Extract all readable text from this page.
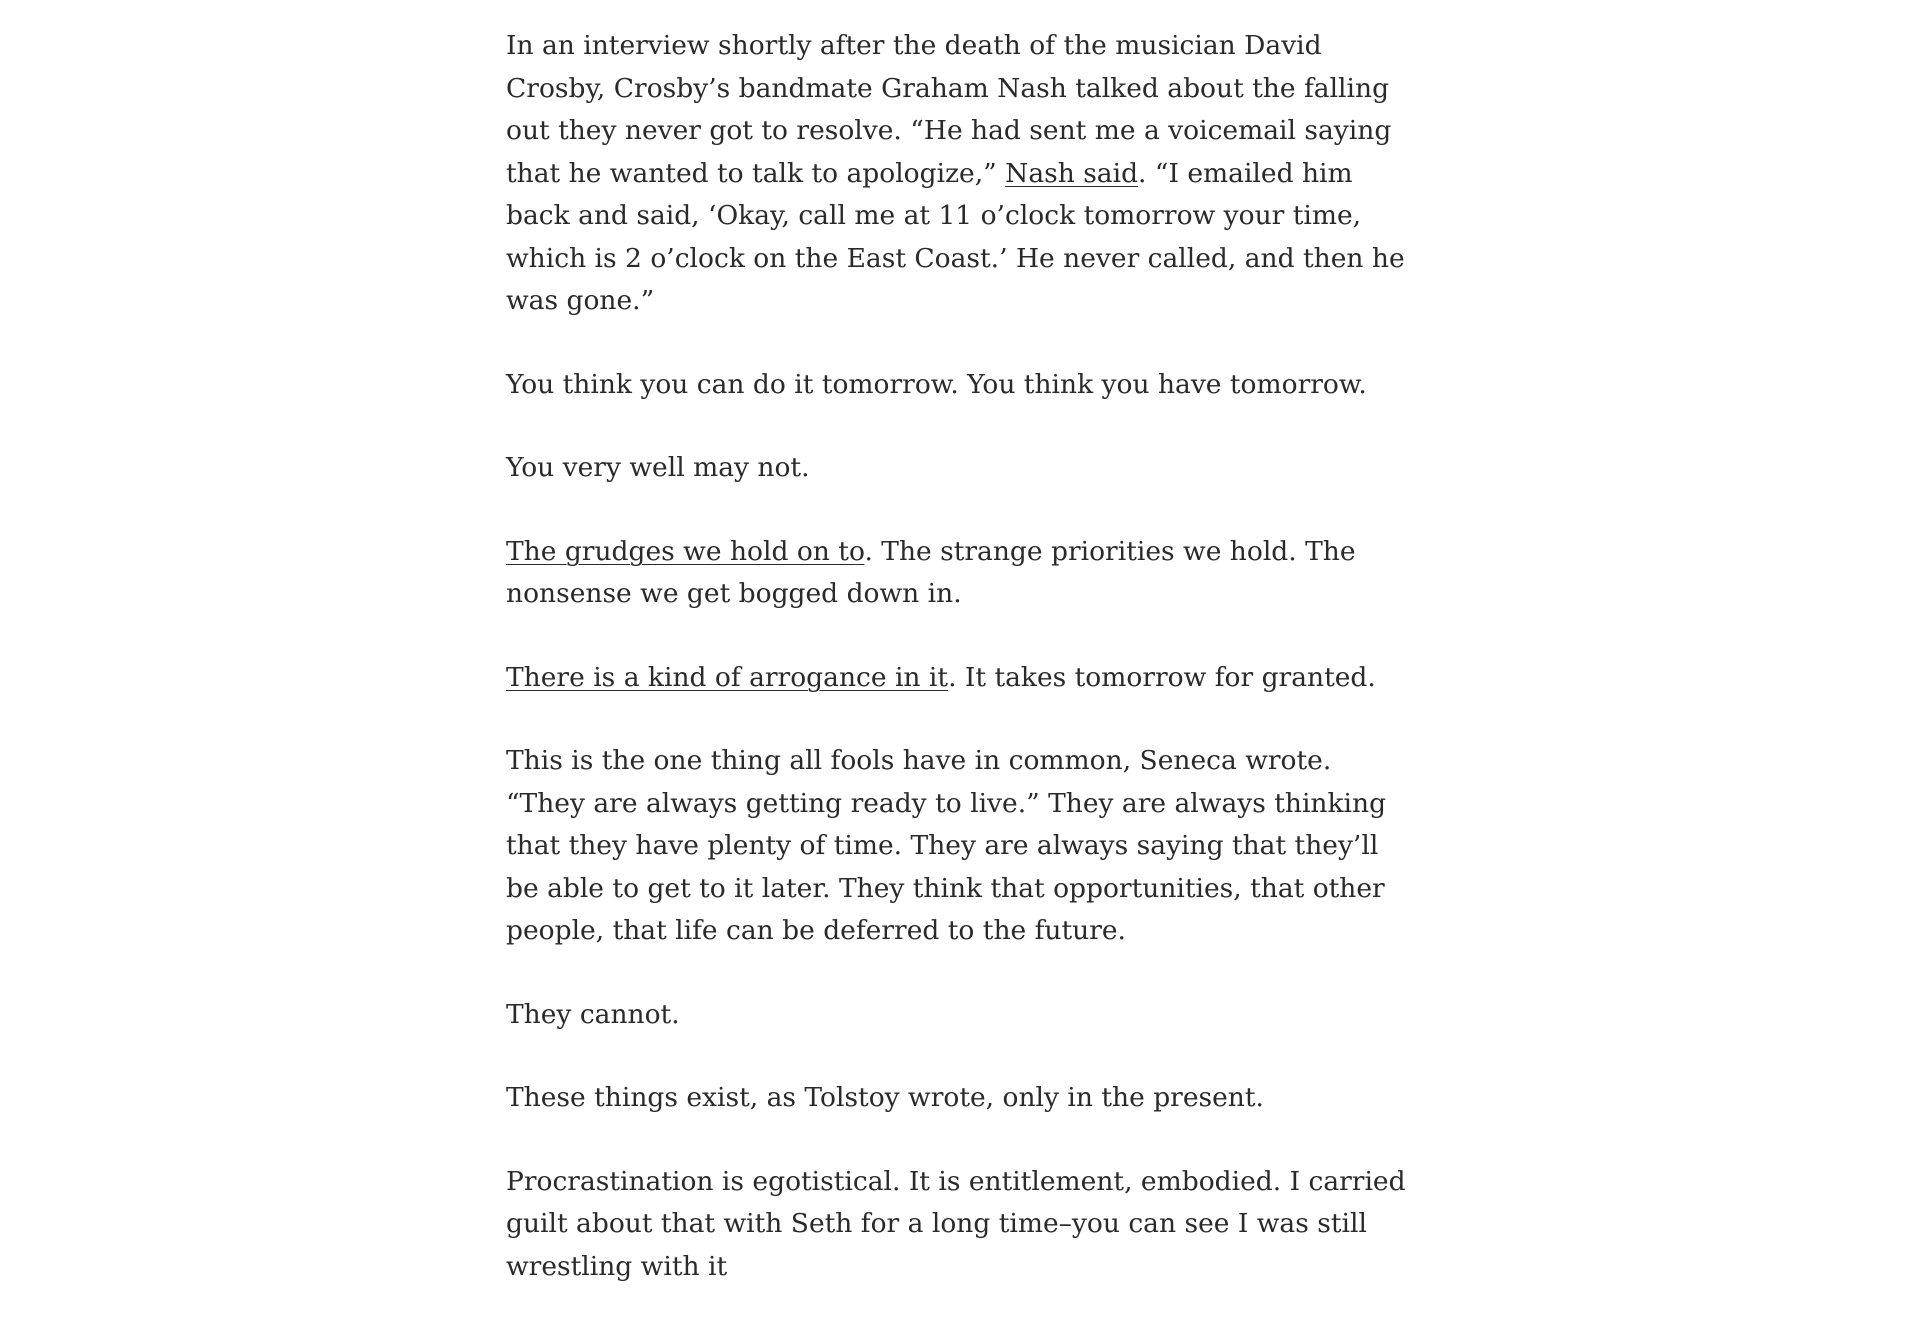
In an interview shortly after the death of the musician David Crosby, Crosby’s bandmate Graham Nash talked about the falling out they never got to resolve. “He had sent me a voicemail saying that he wanted to talk to apologize,” Nash said. “I emailed him back and said, ‘Okay, call me at 11 o’clock tomorrow your time, which is 2 o’clock on the East Coast.’ He never called, and then he was gone.”

You think you can do it tomorrow. You think you have tomorrow.

You very well may not.

The grudges we hold on to. The strange priorities we hold. The nonsense we get bogged down in.

There is a kind of arrogance in it. It takes tomorrow for granted.

This is the one thing all fools have in common, Seneca wrote. “They are always getting ready to live.” They are always thinking that they have plenty of time. They are always saying that they’ll be able to get to it later. They think that opportunities, that other people, that life can be deferred to the future.

They cannot.

These things exist, as Tolstoy wrote, only in the present.

Procrastination is egotistical. It is entitlement, embodied. I carried guilt about that with Seth for a long time–you can see I was still wrestling with it
